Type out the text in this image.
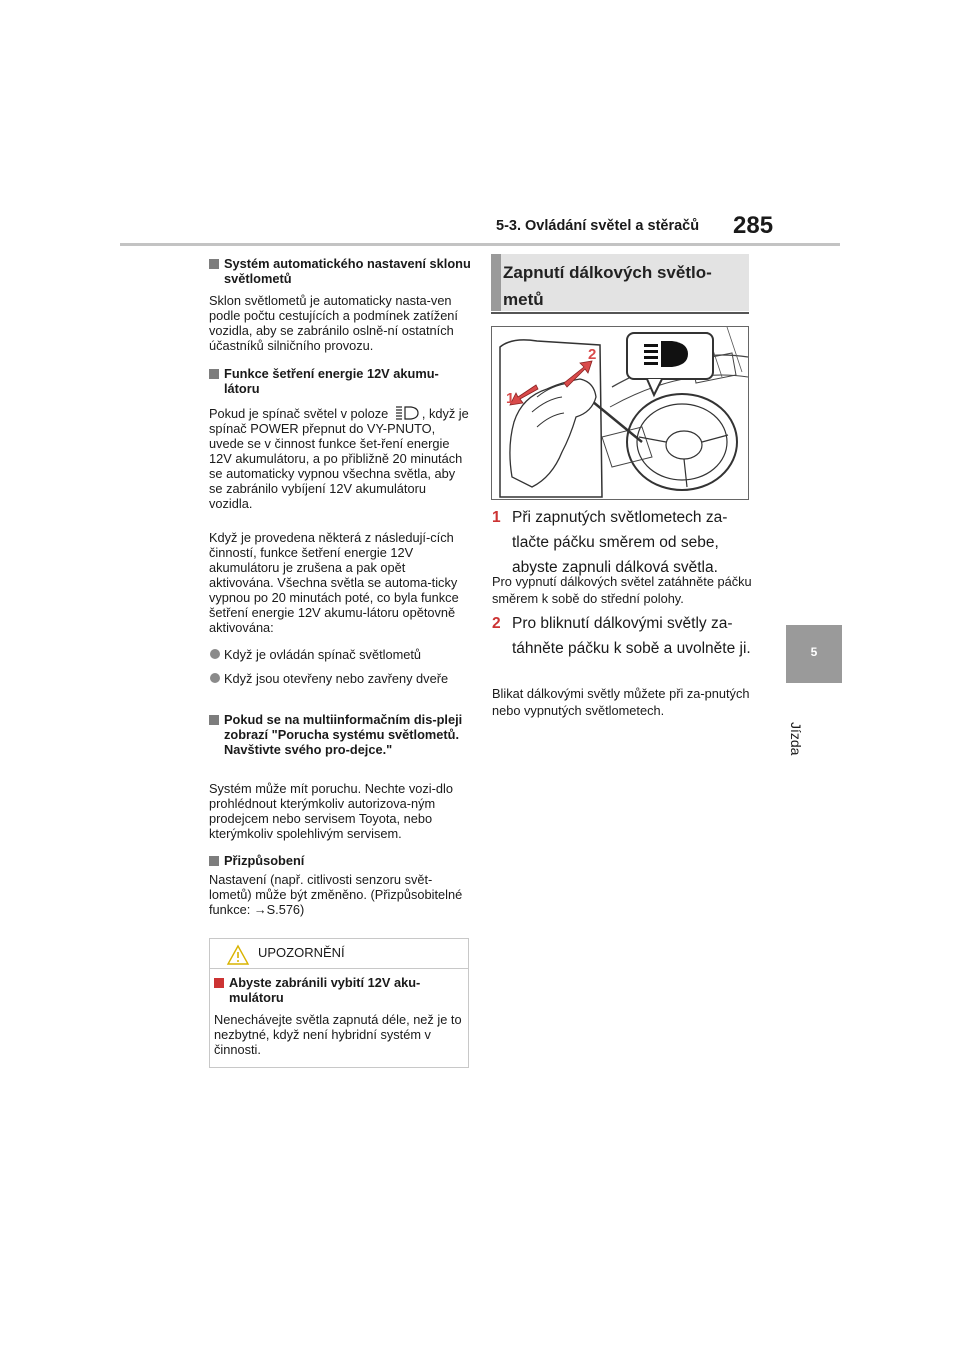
5-3. Ovládání světel a stěračů 285
5
Jízda

Systém automatického nastavení sklonu světlometů

Sklon světlometů je automaticky nasta-ven podle počtu cestujících a podmínek zatížení vozidla, aby se zabránilo oslně-ní ostatních účastníků silničního provozu.

Funkce šetření energie 12V akumu-látoru

Pokud je spínač světel v poloze	, když je spínač POWER přepnut do VY-PNUTO, uvede se v činnost funkce šet-ření energie 12V akumulátoru, a po přibližně 20 minutách se automaticky vypnou všechna světla, aby se zabránilo vybíjení 12V akumulátoru vozidla.

Když je provedena některá z následují-cích činností, funkce šetření energie 12V akumulátoru je zrušena a pak opět aktivována. Všechna světla se automa-ticky vypnou po 20 minutách poté, co byla funkce šetření energie 12V akumu-látoru opětovně aktivována:

Když je ovládán spínač světlometů

Když jsou otevřeny nebo zavřeny dveře

Pokud se na multiinformačním dis-pleji zobrazí "Porucha systému světlometů. Navštivte svého pro-dejce."

Systém může mít poruchu. Nechte vozi-dlo prohlédnout kterýmkoliv autorizova-ným prodejcem nebo servisem Toyota, nebo kterýmkoliv spolehlivým servisem.

Přizpůsobení

Nastavení (např. citlivosti senzoru svět-lometů) může být změněno. (Přizpůsobitelné funkce: →S.576)

UPOZORNĚNÍ

Abyste zabránili vybití 12V aku-mulátoru

Nenechávejte světla zapnutá déle, než je to nezbytné, když není hybridní systém v činnosti.

Zapnutí dálkových světlo-metů
2
1
1 Při zapnutých světlometech za-tlačte páčku směrem od sebe, abyste zapnuli dálková světla.
Pro vypnutí dálkových světel zatáhněte páčku směrem k sobě do střední polohy.
2 Pro bliknutí dálkovými světly za-táhněte páčku k sobě a uvolněte ji.
Blikat dálkovými světly můžete při za-pnutých nebo vypnutých světlometech.
